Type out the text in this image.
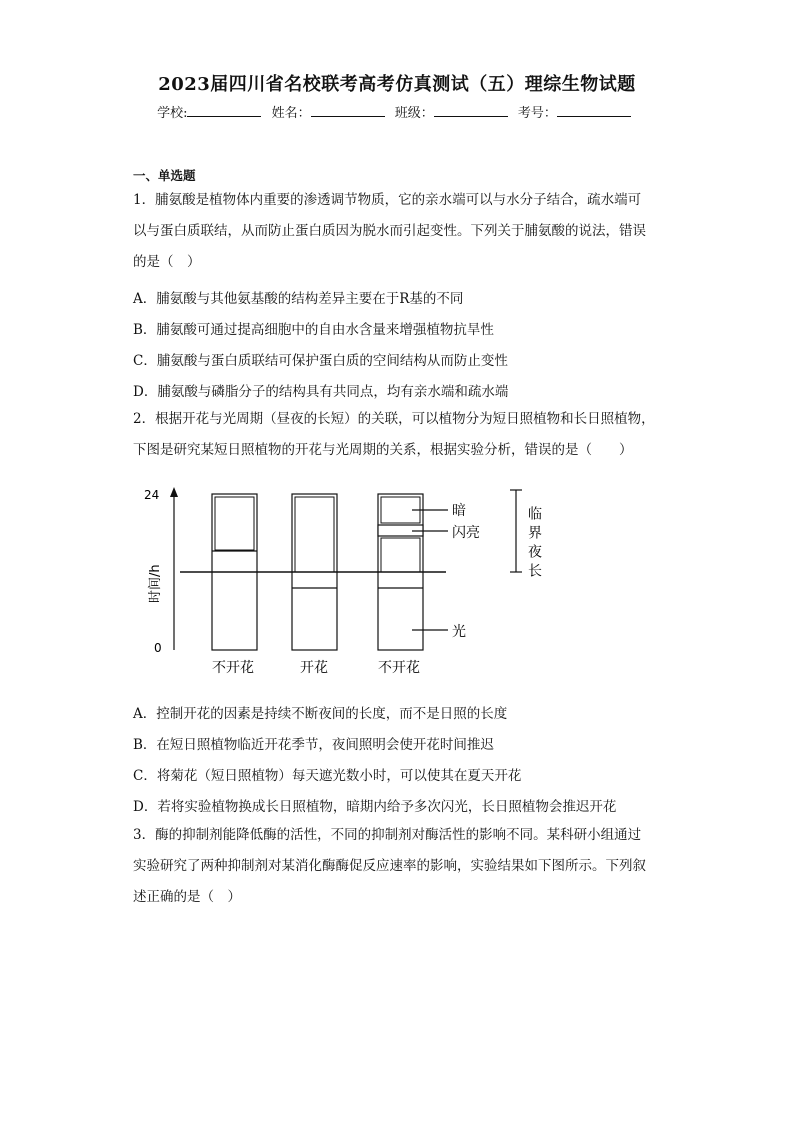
2023届四川省名校联考高考仿真测试（五）理综生物试题
学校:	姓名：	班级：	考号：
一、单选题
1．脯氨酸是植物体内重要的渗透调节物质，它的亲水端可以与水分子结合，疏水端可
以与蛋白质联结，从而防止蛋白质因为脱水而引起变性。下列关于脯氨酸的说法，错误
的是（　）
A．脯氨酸与其他氨基酸的结构差异主要在于R基的不同
B．脯氨酸可通过提高细胞中的自由水含量来增强植物抗旱性
C．脯氨酸与蛋白质联结可保护蛋白质的空间结构从而防止变性
D．脯氨酸与磷脂分子的结构具有共同点，均有亲水端和疏水端
2．根据开花与光周期（昼夜的长短）的关联，可以植物分为短日照植物和长日照植物，
下图是研究某短日照植物的开花与光周期的关系，根据实验分析，错误的是（　　）
24
0
时间/h
暗
闪亮
光
临界夜长
不开花	开花	不开花
A．控制开花的因素是持续不断夜间的长度，而不是日照的长度
B．在短日照植物临近开花季节，夜间照明会使开花时间推迟
C．将菊花（短日照植物）每天遮光数小时，可以使其在夏天开花
D．若将实验植物换成长日照植物，暗期内给予多次闪光，长日照植物会推迟开花
3．酶的抑制剂能降低酶的活性，不同的抑制剂对酶活性的影响不同。某科研小组通过
实验研究了两种抑制剂对某消化酶酶促反应速率的影响，实验结果如下图所示。下列叙
述正确的是（　）
